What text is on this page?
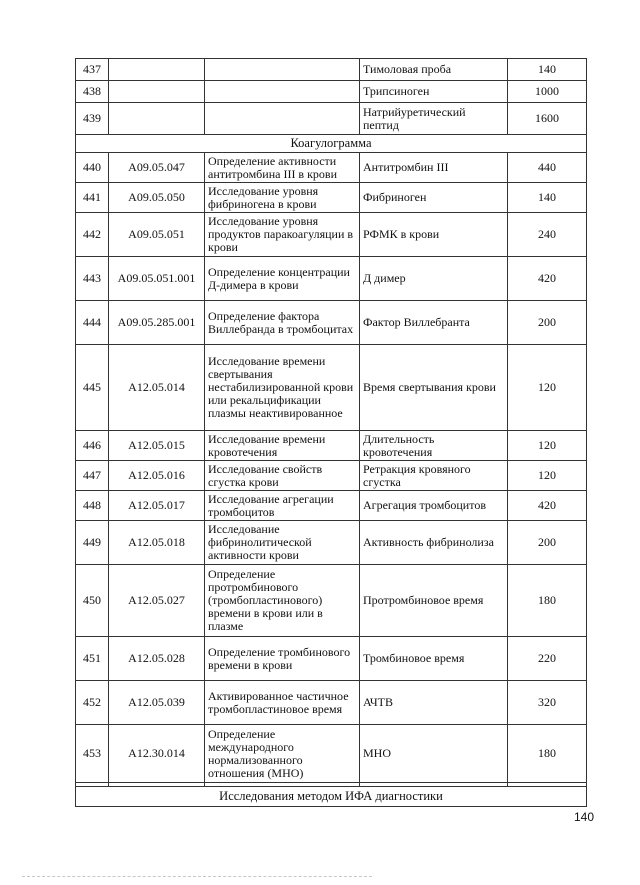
437			Тимоловая проба	140
438			Трипсиноген	1000
439			Натрийуретический пептид	1600
Коагулограмма				
440	A09.05.047	Определение активности антитромбина III в крови	Антитромбин III	440
441	A09.05.050	Исследование уровня фибриногена в крови	Фибриноген	140
442	A09.05.051	Исследование уровня продуктов паракоагуляции в крови	РФМК в крови	240
443	A09.05.051.001	Определение концентрации Д-димера в крови	Д димер	420
444	A09.05.285.001	Определение фактора Виллебранда в тромбоцитах	Фактор Виллебранта	200
445	A12.05.014	Исследование времени свертывания нестабилизированной крови или рекальцификации плазмы неактивированное	Время свертывания крови	120
446	A12.05.015	Исследование времени кровотечения	Длительность кровотечения	120
447	A12.05.016	Исследование свойств сгустка крови	Ретракция кровяного сгустка	120
448	A12.05.017	Исследование агрегации тромбоцитов	Агрегация тромбоцитов	420
449	A12.05.018	Исследование фибринолитической активности крови	Активность фибринолиза	200
450	A12.05.027	Определение протромбинового (тромбопластинового) времени в крови или в плазме	Протромбиновое время	180
451	A12.05.028	Определение тромбинового времени в крови	Тромбиновое время	220
452	A12.05.039	Активированное частичное тромбопластиновое время	АЧТВ	320
453	A12.30.014	Определение международного нормализованного отношения (МНО)	МНО	180

Исследования методом ИФА диагностики				
140
